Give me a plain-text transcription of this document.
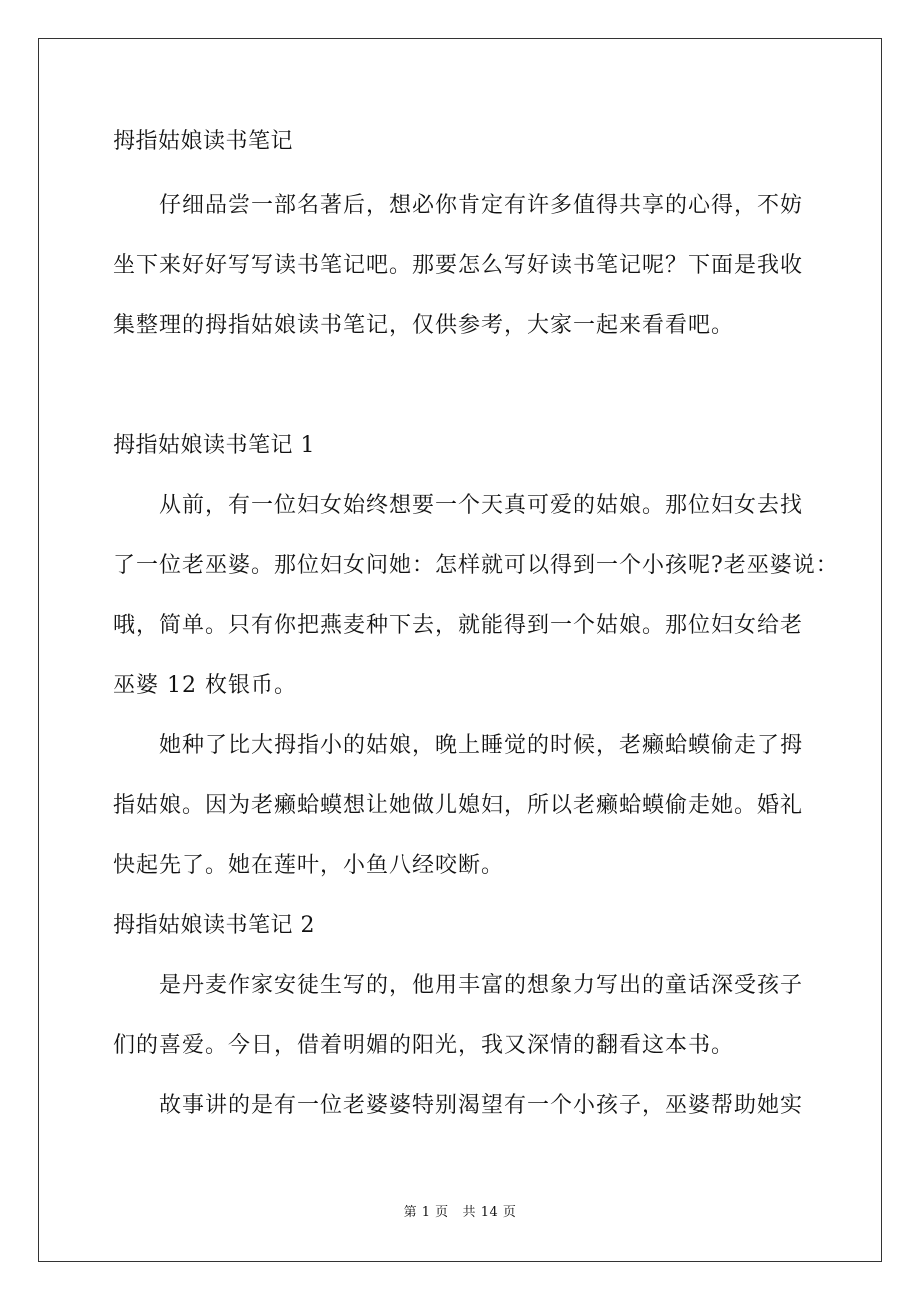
拇指姑娘读书笔记
仔细品尝一部名著后，想必你肯定有许多值得共享的心得，不妨
坐下来好好写写读书笔记吧。那要怎么写好读书笔记呢？下面是我收
集整理的拇指姑娘读书笔记，仅供参考，大家一起来看看吧。
拇指姑娘读书笔记 1
从前，有一位妇女始终想要一个天真可爱的姑娘。那位妇女去找
了一位老巫婆。那位妇女问她：怎样就可以得到一个小孩呢?老巫婆说：
哦，简单。只有你把燕麦种下去，就能得到一个姑娘。那位妇女给老
巫婆 12 枚银币。
她种了比大拇指小的姑娘，晚上睡觉的时候，老癞蛤蟆偷走了拇
指姑娘。因为老癞蛤蟆想让她做儿媳妇，所以老癞蛤蟆偷走她。婚礼
快起先了。她在莲叶，小鱼八经咬断。
拇指姑娘读书笔记 2
是丹麦作家安徒生写的，他用丰富的想象力写出的童话深受孩子
们的喜爱。今日，借着明媚的阳光，我又深情的翻看这本书。
故事讲的是有一位老婆婆特别渴望有一个小孩子，巫婆帮助她实
第 1 页   共 14 页
